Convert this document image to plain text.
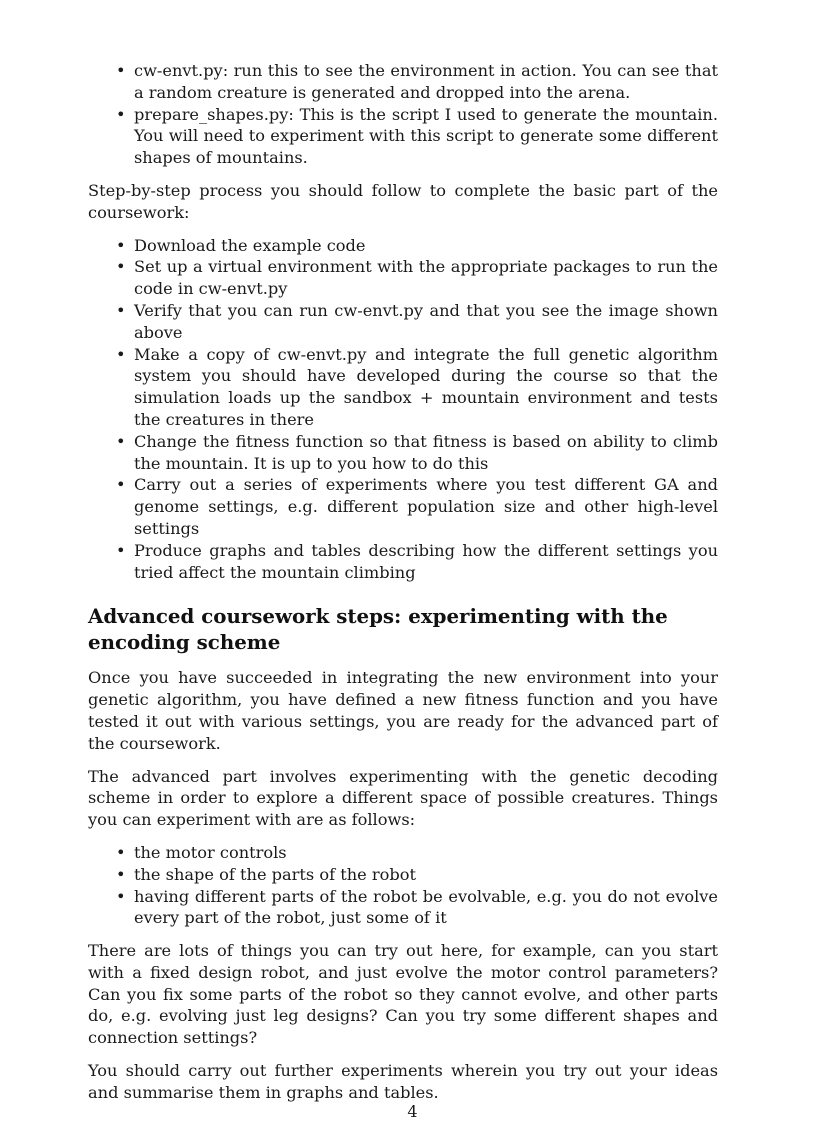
• cw-envt.py: run this to see the environment in action. You can see that a random creature is generated and dropped into the arena.
• prepare_shapes.py: This is the script I used to generate the mountain. You will need to experiment with this script to generate some different shapes of mountains.

Step-by-step process you should follow to complete the basic part of the coursework:

• Download the example code
• Set up a virtual environment with the appropriate packages to run the code in cw-envt.py
• Verify that you can run cw-envt.py and that you see the image shown above
• Make a copy of cw-envt.py and integrate the full genetic algorithm system you should have developed during the course so that the simulation loads up the sandbox + mountain environment and tests the creatures in there
• Change the fitness function so that fitness is based on ability to climb the mountain. It is up to you how to do this
• Carry out a series of experiments where you test different GA and genome settings, e.g. different population size and other high-level settings
• Produce graphs and tables describing how the different settings you tried affect the mountain climbing
Advanced coursework steps: experimenting with the encoding scheme

Once you have succeeded in integrating the new environment into your genetic algorithm, you have defined a new fitness function and you have tested it out with various settings, you are ready for the advanced part of the coursework.

The advanced part involves experimenting with the genetic decoding scheme in order to explore a different space of possible creatures. Things you can experiment with are as follows:

• the motor controls
• the shape of the parts of the robot
• having different parts of the robot be evolvable, e.g. you do not evolve every part of the robot, just some of it

There are lots of things you can try out here, for example, can you start with a fixed design robot, and just evolve the motor control parameters? Can you fix some parts of the robot so they cannot evolve, and other parts do, e.g. evolving just leg designs? Can you try some different shapes and connection settings?

You should carry out further experiments wherein you try out your ideas and summarise them in graphs and tables.

4
